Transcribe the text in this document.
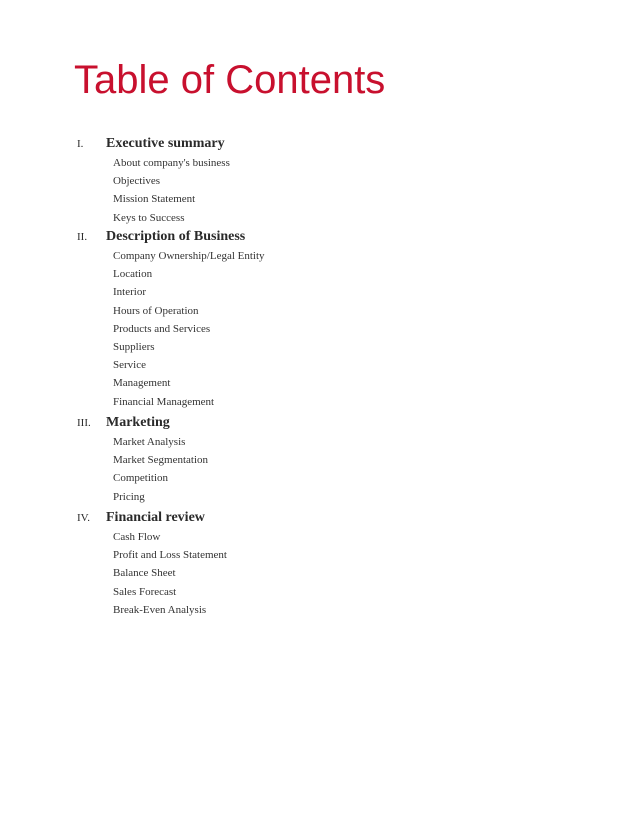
Table of Contents
I. Executive summary
About company's business
Objectives
Mission Statement
Keys to Success
II. Description of Business
Company Ownership/Legal Entity
Location
Interior
Hours of Operation
Products and Services
Suppliers
Service
Management
Financial Management
III. Marketing
Market Analysis
Market Segmentation
Competition
Pricing
IV. Financial review
Cash Flow
Profit and Loss Statement
Balance Sheet
Sales Forecast
Break-Even Analysis
